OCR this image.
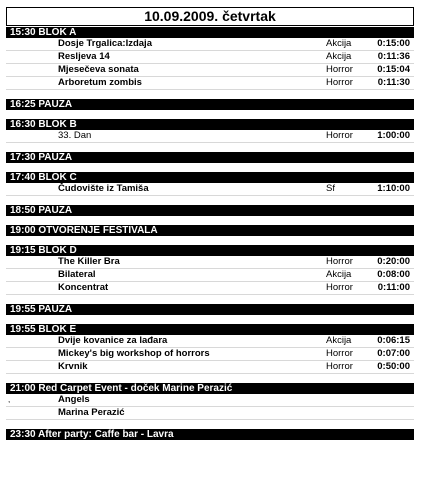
10.09.2009. četvrtak
15:30 BLOK A
Dosje Trgalica:Izdaja	Akcija	0:15:00
Resljeva 14	Akcija	0:11:36
Mjesečeva sonata	Horror	0:15:04
Arboretum zombis	Horror	0:11:30
16:25 PAUZA
16:30 BLOK B
33. Dan	Horror	1:00:00
17:30 PAUZA
17:40 BLOK C
Čudovište iz Tamiša	Sf	1:10:00
18:50 PAUZA
19:00 OTVORENJE FESTIVALA
19:15 BLOK D
The Killer Bra	Horror	0:20:00
Bilateral	Akcija	0:08:00
Koncentrat	Horror	0:11:00
19:55 PAUZA
19:55 BLOK E
Dvije kovanice za lađara	Akcija	0:06:15
Mickey's big workshop of horrors	Horror	0:07:00
Krvnik	Horror	0:50:00
21:00 Red Carpet Event - doček Marine Perazić
,	Angels
Marina Perazić
23:30 After party: Caffe bar - Lavra
